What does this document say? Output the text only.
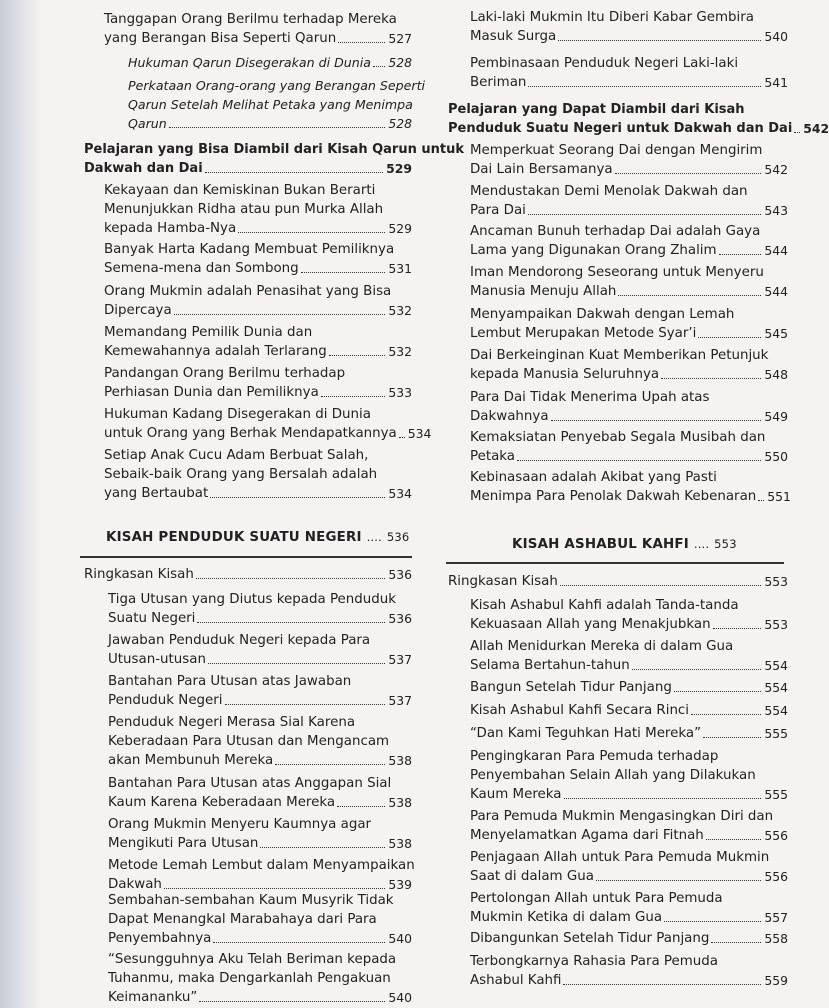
Tanggapan Orang Berilmu terhadap Mereka
yang Berangan Bisa Seperti Qarun	527
Hukuman Qarun Disegerakan di Dunia 528
Perkataan Orang-orang yang Berangan Seperti
Qarun Setelah Melihat Petaka yang Menimpa
Qarun	528
Pelajaran yang Bisa Diambil dari Kisah Qarun untuk
Dakwah dan Dai	529
Kekayaan dan Kemiskinan Bukan Berarti
Menunjukkan Ridha atau pun Murka Allah
kepada Hamba-Nya	529
Banyak Harta Kadang Membuat Pemiliknya
Semena-mena dan Sombong	531
Orang Mukmin adalah Penasihat yang Bisa
Dipercaya	532
Memandang Pemilik Dunia dan
Kemewahannya adalah Terlarang	532
Pandangan Orang Berilmu terhadap
Perhiasan Dunia dan Pemiliknya	533
Hukuman Kadang Disegerakan di Dunia
untuk Orang yang Berhak Mendapatkannya 534
Setiap Anak Cucu Adam Berbuat Salah,
Sebaik-baik Orang yang Bersalah adalah
yang Bertaubat	534
KISAH PENDUDUK SUATU NEGERI .... 536
Ringkasan Kisah	536
Tiga Utusan yang Diutus kepada Penduduk
Suatu Negeri	536
Jawaban Penduduk Negeri kepada Para
Utusan-utusan	537
Bantahan Para Utusan atas Jawaban
Penduduk Negeri	537
Penduduk Negeri Merasa Sial Karena
Keberadaan Para Utusan dan Mengancam
akan Membunuh Mereka	538
Bantahan Para Utusan atas Anggapan Sial
Kaum Karena Keberadaan Mereka	538
Orang Mukmin Menyeru Kaumnya agar
Mengikuti Para Utusan	538
Metode Lemah Lembut dalam Menyampaikan
Dakwah	539
Sembahan-sembahan Kaum Musyrik Tidak
Dapat Menangkal Marabahaya dari Para
Penyembahnya	540
“Sesungguhnya Aku Telah Beriman kepada
Tuhanmu, maka Dengarkanlah Pengakuan
Keimananku”	540
Laki-laki Mukmin Itu Diberi Kabar Gembira
Masuk Surga	540
Pembinasaan Penduduk Negeri Laki-laki
Beriman	541
Pelajaran yang Dapat Diambil dari Kisah
Penduduk Suatu Negeri untuk Dakwah dan Dai 542
Memperkuat Seorang Dai dengan Mengirim
Dai Lain Bersamanya	542
Mendustakan Demi Menolak Dakwah dan
Para Dai	543
Ancaman Bunuh terhadap Dai adalah Gaya
Lama yang Digunakan Orang Zhalim	544
Iman Mendorong Seseorang untuk Menyeru
Manusia Menuju Allah	544
Menyampaikan Dakwah dengan Lemah
Lembut Merupakan Metode Syar’i	545
Dai Berkeinginan Kuat Memberikan Petunjuk
kepada Manusia Seluruhnya	548
Para Dai Tidak Menerima Upah atas
Dakwahnya	549
Kemaksiatan Penyebab Segala Musibah dan
Petaka	550
Kebinasaan adalah Akibat yang Pasti
Menimpa Para Penolak Dakwah Kebenaran 551
KISAH ASHABUL KAHFI .... 553
Ringkasan Kisah	553
Kisah Ashabul Kahfi adalah Tanda-tanda
Kekuasaan Allah yang Menakjubkan	553
Allah Menidurkan Mereka di dalam Gua
Selama Bertahun-tahun	554
Bangun Setelah Tidur Panjang	554
Kisah Ashabul Kahfi Secara Rinci	554
“Dan Kami Teguhkan Hati Mereka”	555
Pengingkaran Para Pemuda terhadap
Penyembahan Selain Allah yang Dilakukan
Kaum Mereka	555
Para Pemuda Mukmin Mengasingkan Diri dan
Menyelamatkan Agama dari Fitnah	556
Penjagaan Allah untuk Para Pemuda Mukmin
Saat di dalam Gua	556
Pertolongan Allah untuk Para Pemuda
Mukmin Ketika di dalam Gua	557
Dibangunkan Setelah Tidur Panjang	558
Terbongkarnya Rahasia Para Pemuda
Ashabul Kahfi	559
